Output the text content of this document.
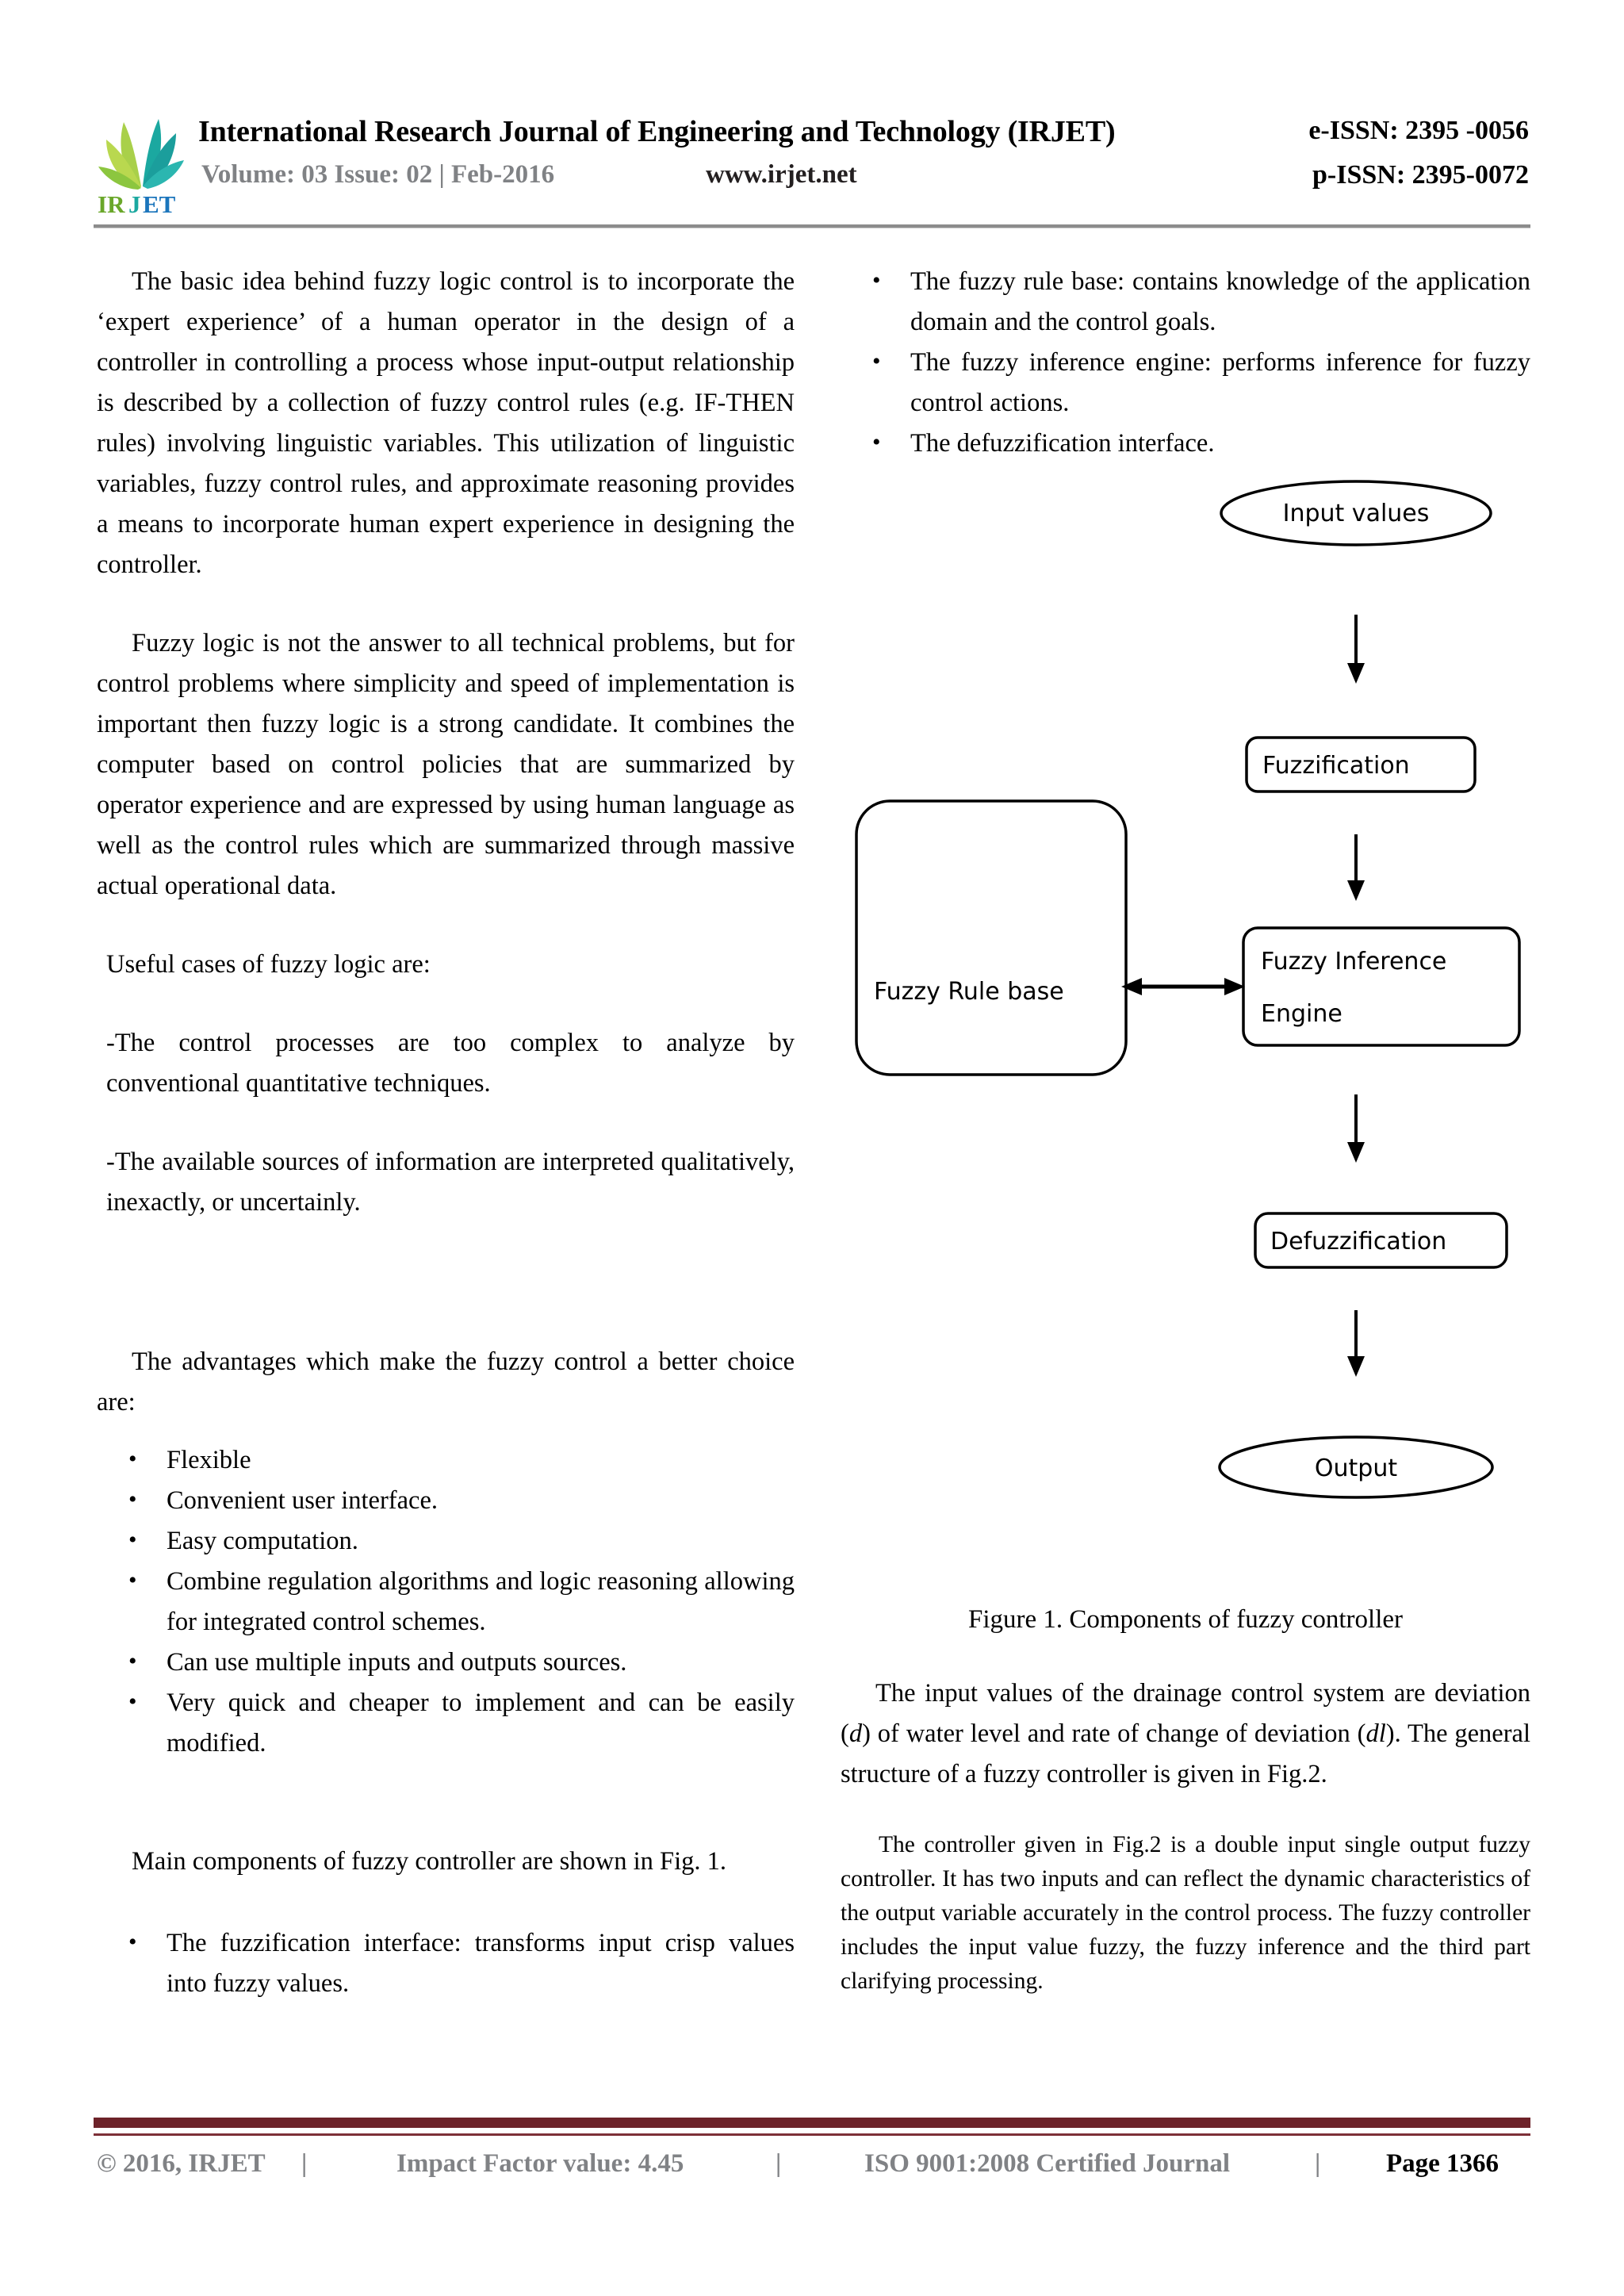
IR J ET
International Research Journal of Engineering and Technology (IRJET)	e-ISSN: 2395 -0056
Volume: 03 Issue: 02 | Feb-2016	www.irjet.net	p-ISSN: 2395-0072

The basic idea behind fuzzy logic control is to incorporate the ‘expert experience’ of a human operator in the design of a controller in controlling a process whose input-output relationship is described by a collection of fuzzy control rules (e.g. IF-THEN rules) involving linguistic variables. This utilization of linguistic variables, fuzzy control rules, and approximate reasoning provides a means to incorporate human expert experience in designing the controller.

Fuzzy logic is not the answer to all technical problems, but for control problems where simplicity and speed of implementation is important then fuzzy logic is a strong candidate. It combines the computer based on control policies that are summarized by operator experience and are expressed by using human language as well as the control rules which are summarized through massive actual operational data.

Useful cases of fuzzy logic are:

-The control processes are too complex to analyze by conventional quantitative techniques.

-The available sources of information are interpreted qualitatively, inexactly, or uncertainly.

The advantages which make the fuzzy control a better choice are:

• Flexible
• Convenient user interface.
• Easy computation.
• Combine regulation algorithms and logic reasoning allowing for integrated control schemes.
• Can use multiple inputs and outputs sources.
• Very quick and cheaper to implement and can be easily modified.

Main components of fuzzy controller are shown in Fig. 1.

• The fuzzification interface: transforms input crisp values into fuzzy values.
• The fuzzy rule base: contains knowledge of the application domain and the control goals.
• The fuzzy inference engine: performs inference for fuzzy control actions.
• The defuzzification interface.
Input values
Fuzzification
Fuzzy Rule base
Fuzzy Inference
Engine
Defuzzification
Output

Figure 1. Components of fuzzy controller

The input values of the drainage control system are deviation (d) of water level and rate of change of deviation (dl). The general structure of a fuzzy controller is given in Fig.2.

The controller given in Fig.2 is a double input single output fuzzy controller. It has two inputs and can reflect the dynamic characteristics of the output variable accurately in the control process. The fuzzy controller includes the input value fuzzy, the fuzzy inference and the third part clarifying processing.

© 2016, IRJET |	Impact Factor value: 4.45	|	ISO 9001:2008 Certified Journal	|	Page 1366
